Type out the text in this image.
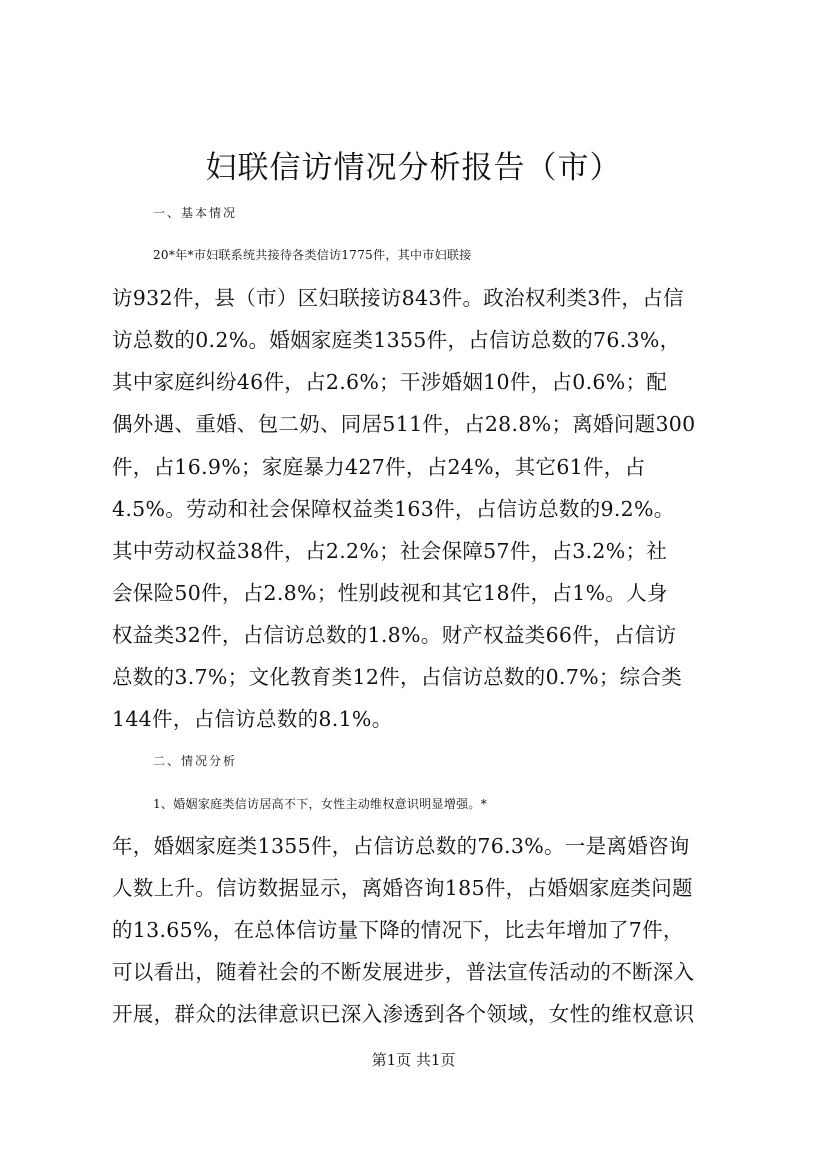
妇联信访情况分析报告（市）
一、基本情况
20*年*市妇联系统共接待各类信访1775件，其中市妇联接
访932件，县（市）区妇联接访843件。政治权利类3件，占信
访总数的0.2%。婚姻家庭类1355件，占信访总数的76.3%，
其中家庭纠纷46件，占2.6%；干涉婚姻10件，占0.6%；配
偶外遇、重婚、包二奶、同居511件，占28.8%；离婚问题300
件，占16.9%；家庭暴力427件，占24%，其它61件，占
4.5%。劳动和社会保障权益类163件，占信访总数的9.2%。
其中劳动权益38件，占2.2%；社会保障57件，占3.2%；社
会保险50件，占2.8%；性别歧视和其它18件，占1%。人身
权益类32件，占信访总数的1.8%。财产权益类66件，占信访
总数的3.7%；文化教育类12件，占信访总数的0.7%；综合类
144件，占信访总数的8.1%。
二、情况分析
1、婚姻家庭类信访居高不下，女性主动维权意识明显增强。*
年，婚姻家庭类1355件，占信访总数的76.3%。一是离婚咨询
人数上升。信访数据显示，离婚咨询185件，占婚姻家庭类问题
的13.65%，在总体信访量下降的情况下，比去年增加了7件，
可以看出，随着社会的不断发展进步，普法宣传活动的不断深入
开展，群众的法律意识已深入渗透到各个领域，女性的维权意识
第1页 共1页
